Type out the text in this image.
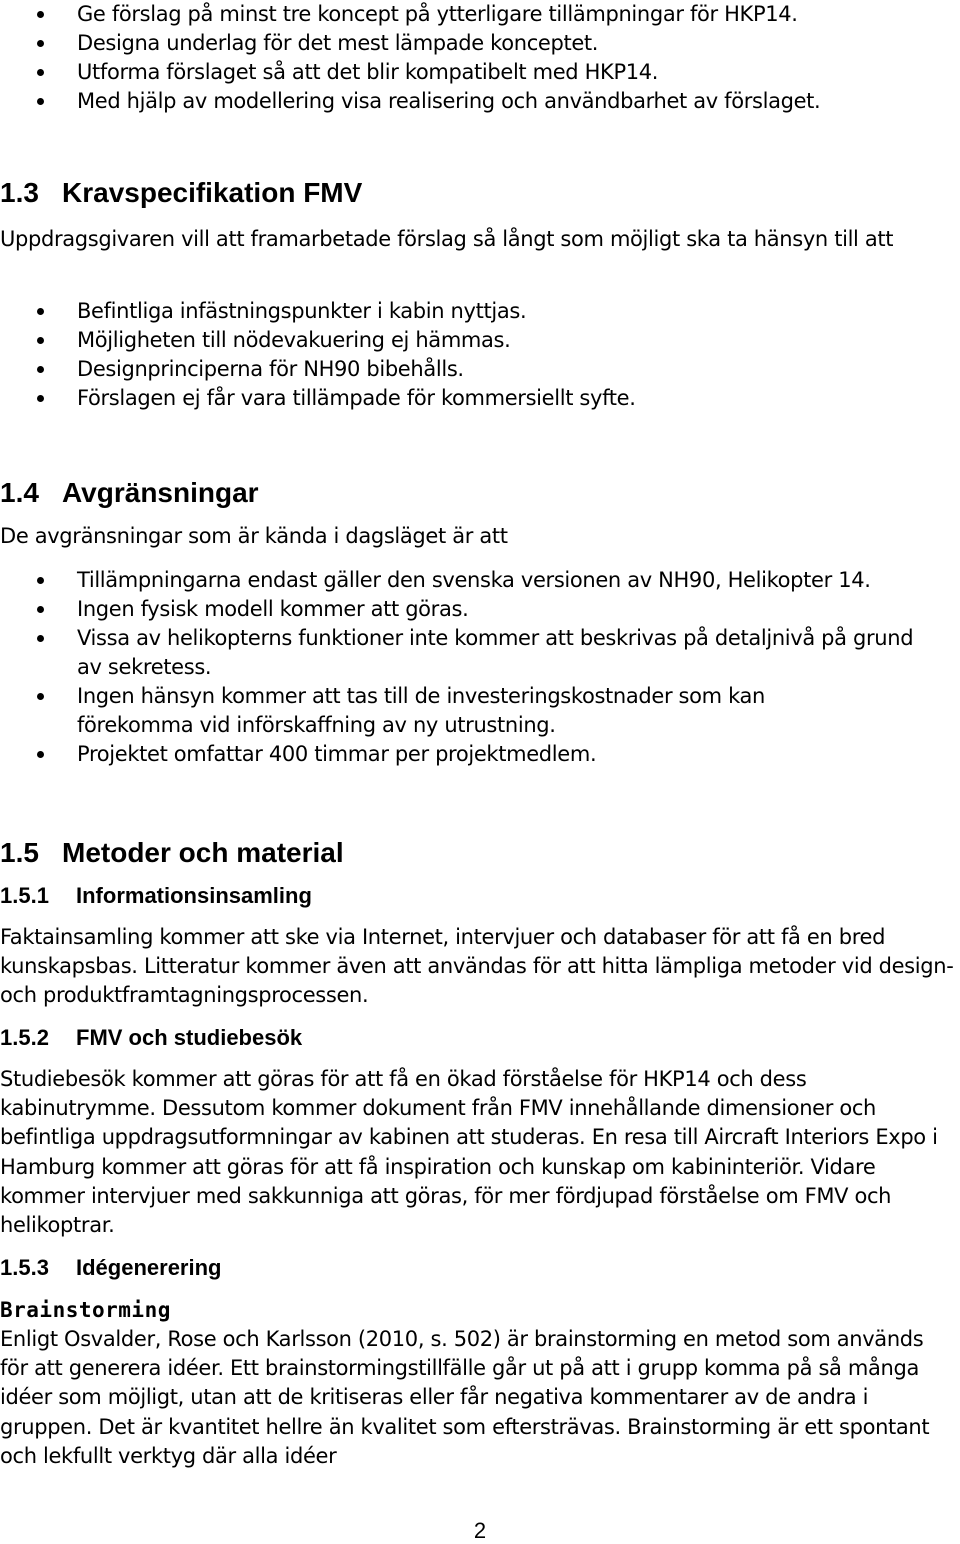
Ge förslag på minst tre koncept på ytterligare tillämpningar för HKP14.
Designa underlag för det mest lämpade konceptet.
Utforma förslaget så att det blir kompatibelt med HKP14.
Med hjälp av modellering visa realisering och användbarhet av förslaget.
1.3 Kravspecifikation FMV

Uppdragsgivaren vill att framarbetade förslag så långt som möjligt ska ta hänsyn till att

Befintliga infästningspunkter i kabin nyttjas.
Möjligheten till nödevakuering ej hämmas.
Designprinciperna för NH90 bibehålls.
Förslagen ej får vara tillämpade för kommersiellt syfte.
1.4 Avgränsningar

De avgränsningar som är kända i dagsläget är att

Tillämpningarna endast gäller den svenska versionen av NH90, Helikopter 14.
Ingen fysisk modell kommer att göras.
Vissa av helikopterns funktioner inte kommer att beskrivas på detaljnivå på grund av sekretess.
Ingen hänsyn kommer att tas till de investeringskostnader som kan förekomma vid införskaffning av ny utrustning.
Projektet omfattar 400 timmar per projektmedlem.
1.5 Metoder och material
1.5.1 Informationsinsamling

Faktainsamling kommer att ske via Internet, intervjuer och databaser för att få en bred kunskapsbas. Litteratur kommer även att användas för att hitta lämpliga metoder vid design- och produktframtagningsprocessen.

1.5.2 FMV och studiebesök

Studiebesök kommer att göras för att få en ökad förståelse för HKP14 och dess kabinutrymme. Dessutom kommer dokument från FMV innehållande dimensioner och befintliga uppdragsutformningar av kabinen att studeras. En resa till Aircraft Interiors Expo i Hamburg kommer att göras för att få inspiration och kunskap om kabininteriör. Vidare kommer intervjuer med sakkunniga att göras, för mer fördjupad förståelse om FMV och helikoptrar.

1.5.3 Idégenerering

Brainstorming

Enligt Osvalder, Rose och Karlsson (2010, s. 502) är brainstorming en metod som används för att generera idéer. Ett brainstormingstillfälle går ut på att i grupp komma på så många idéer som möjligt, utan att de kritiseras eller får negativa kommentarer av de andra i gruppen. Det är kvantitet hellre än kvalitet som eftersträvas. Brainstorming är ett spontant och lekfullt verktyg där alla idéer

2
